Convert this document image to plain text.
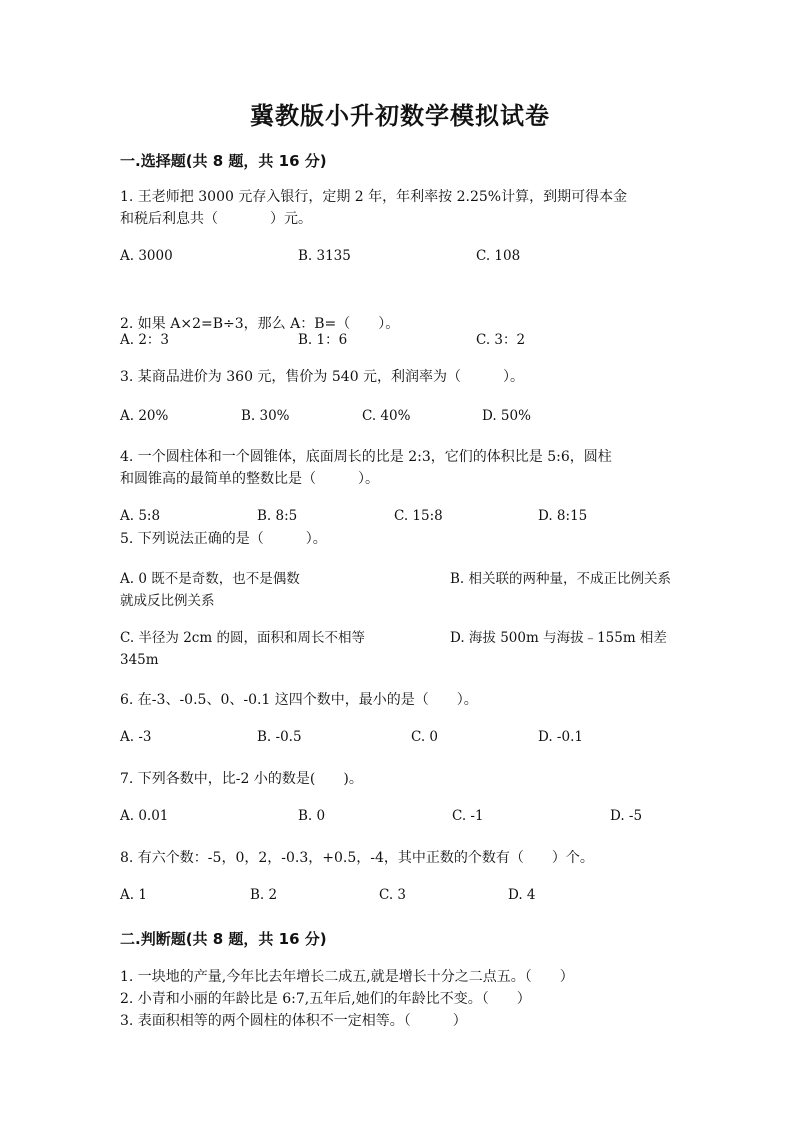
冀教版小升初数学模拟试卷
一.选择题(共 8 题，共 16 分)
1. 王老师把 3000 元存入银行，定期 2 年，年利率按 2.25%计算，到期可得本金
和税后利息共（	）元。
A. 3000	B. 3135	C. 108
2. 如果 A×2=B÷3，那么 A：B=（　　）。
A. 2：3	B. 1：6	C. 3：2
3. 某商品进价为 360 元，售价为 540 元，利润率为（　　　）。
A. 20%	B. 30%	C. 40%	D. 50%
4. 一个圆柱体和一个圆锥体，底面周长的比是 2:3，它们的体积比是 5:6，圆柱
和圆锥高的最简单的整数比是（　　　）。
A. 5:8	B. 8:5	C. 15:8	D. 8:15
5. 下列说法正确的是（　　　）。
A. 0 既不是奇数，也不是偶数	B. 相关联的两种量，不成正比例关系就成反比例关系
C. 半径为 2cm 的圆，面积和周长不相等	D. 海拔 500m 与海拔﹣155m 相差 345m
6. 在-3、-0.5、0、-0.1 这四个数中，最小的是（　　）。
A. -3	B. -0.5	C. 0	D. -0.1
7. 下列各数中，比-2 小的数是(　　)。
A. 0.01	B. 0	C. -1	D. -5
8. 有六个数：-5，0，2，-0.3，+0.5，-4，其中正数的个数有（　　）个。
A. 1	B. 2	C. 3	D. 4
二.判断题(共 8 题，共 16 分)
1. 一块地的产量,今年比去年增长二成五,就是增长十分之二点五。（　　）
2. 小青和小丽的年龄比是 6:7,五年后,她们的年龄比不变。（　　）
3. 表面积相等的两个圆柱的体积不一定相等。（　　　）
